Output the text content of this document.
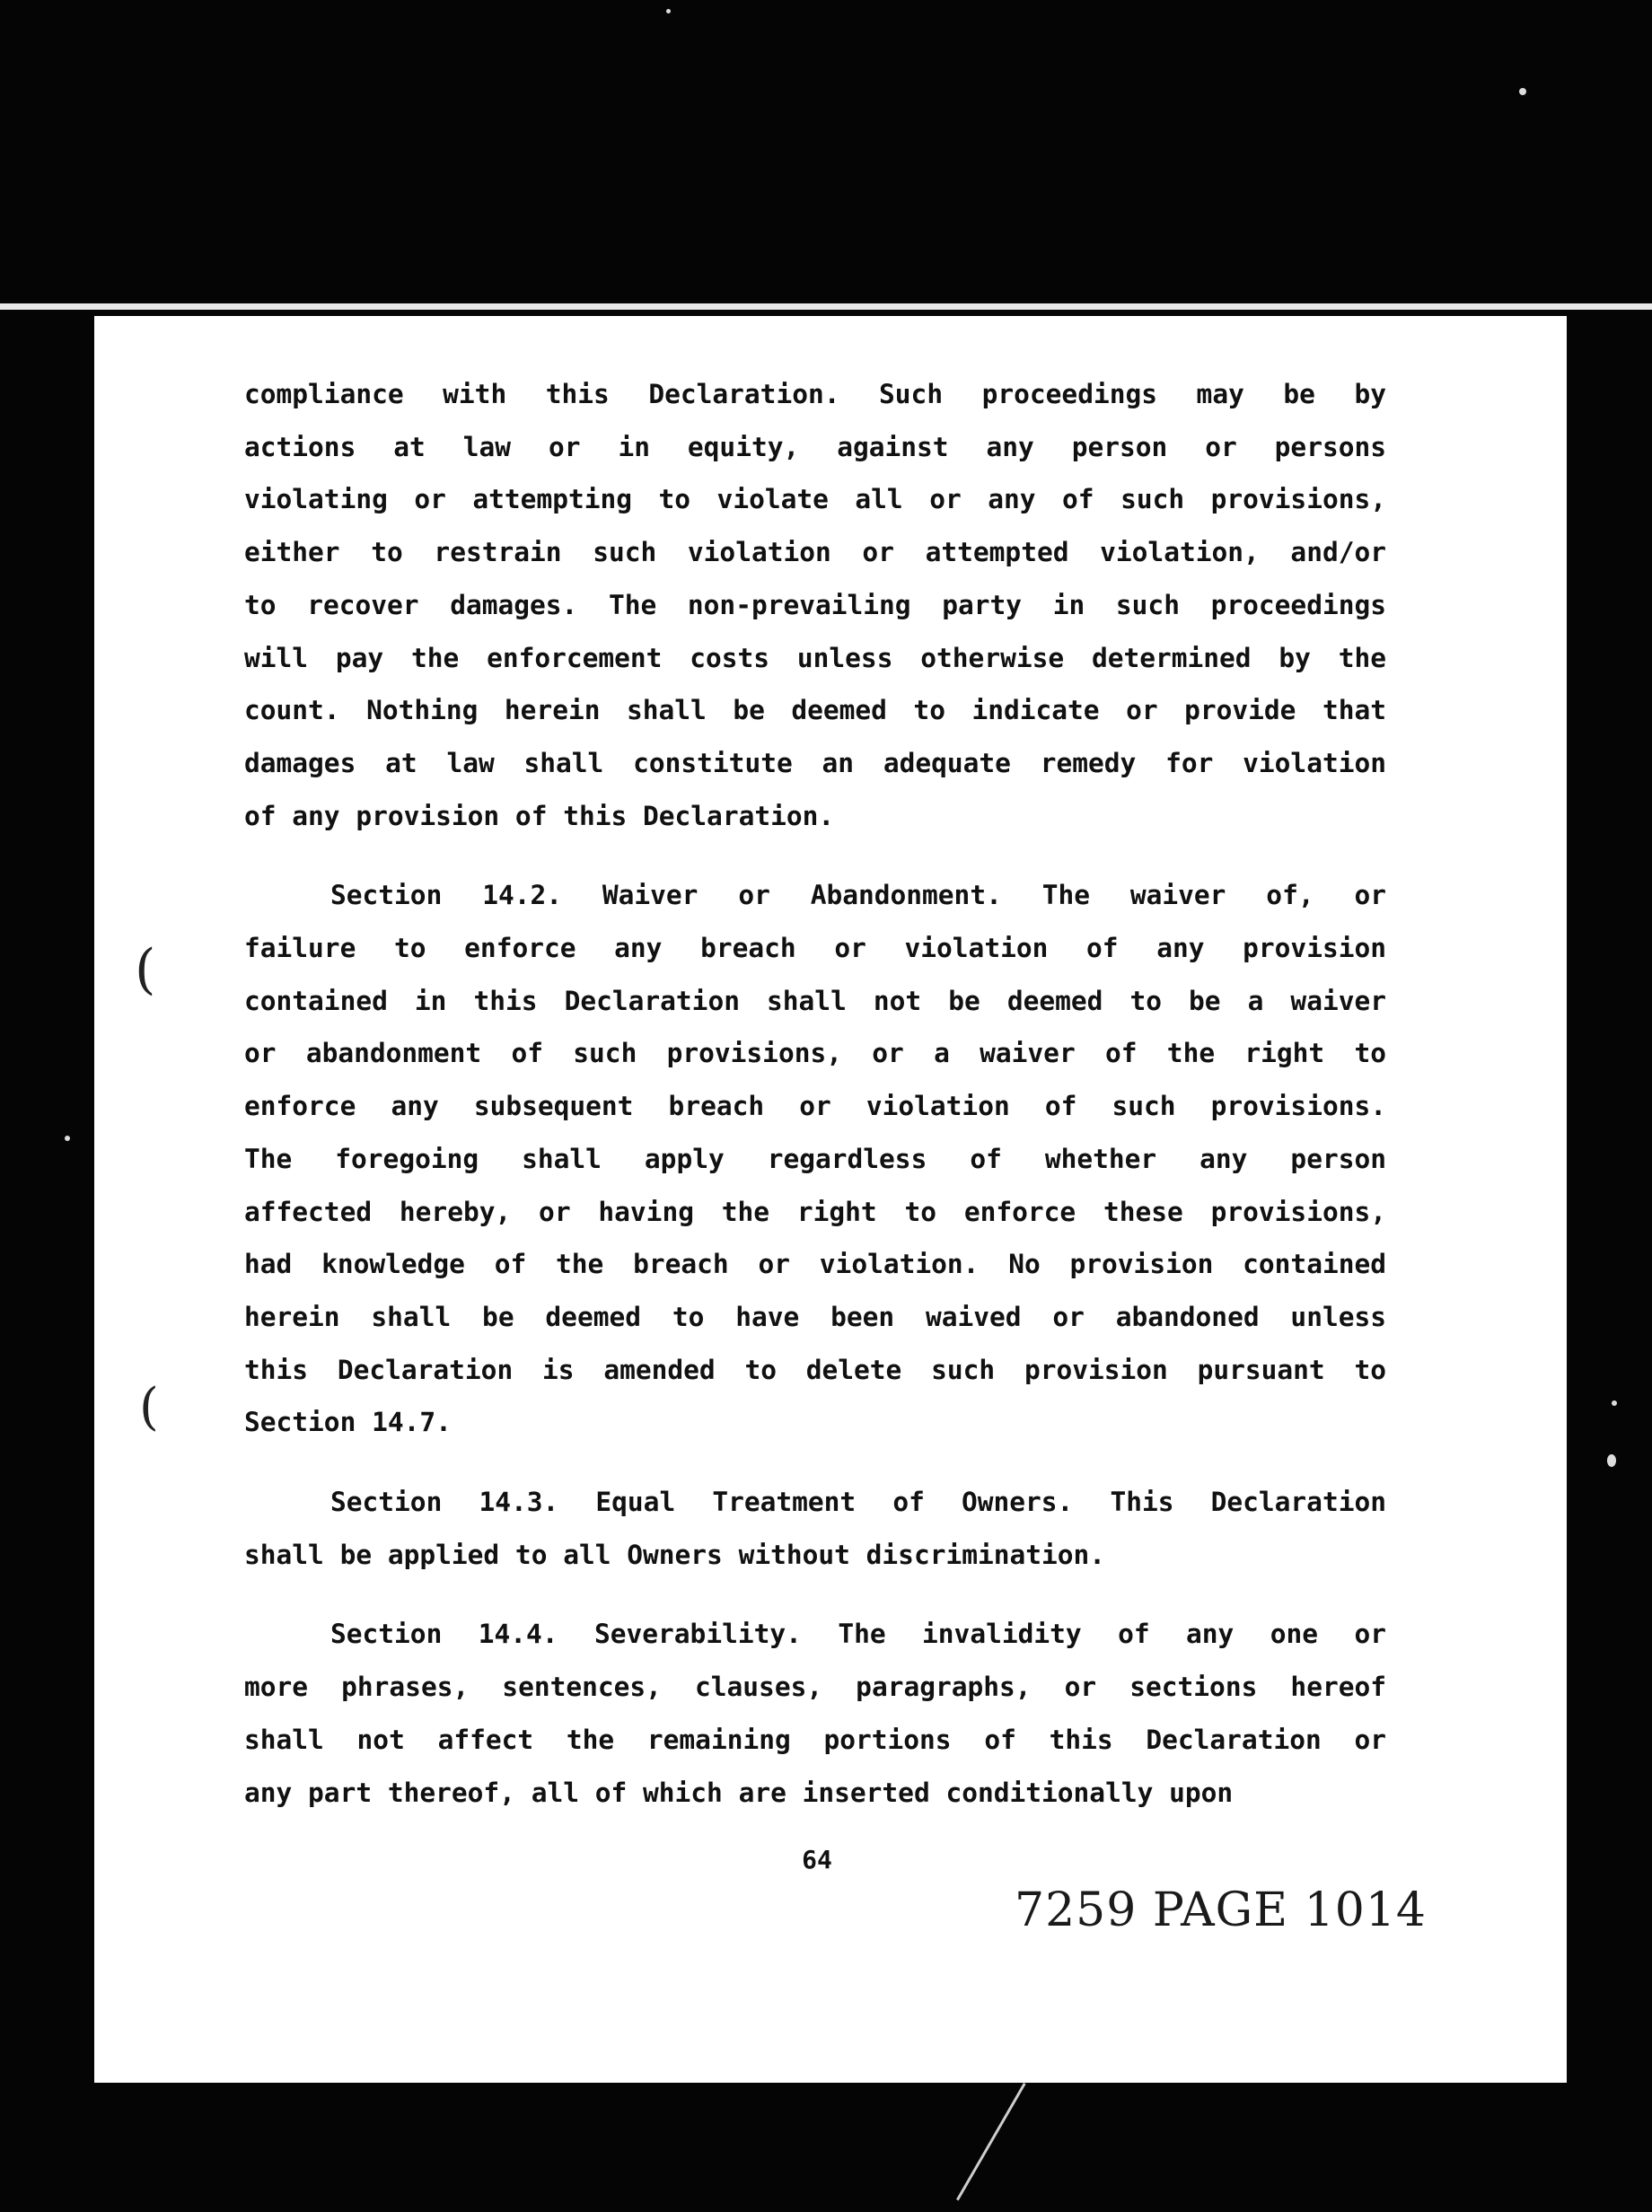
(
(
compliance with this Declaration. Such proceedings may be by
actions at law or in equity, against any person or persons
violating or attempting to violate all or any of such provisions,
either to restrain such violation or attempted violation, and/or
to recover damages. The non-prevailing party in such proceedings
will pay the enforcement costs unless otherwise determined by the
count. Nothing herein shall be deemed to indicate or provide that
damages at law shall constitute an adequate remedy for violation
of any provision of this Declaration.
Section 14.2. Waiver or Abandonment. The waiver of, or
failure to enforce any breach or violation of any provision
contained in this Declaration shall not be deemed to be a waiver
or abandonment of such provisions, or a waiver of the right to
enforce any subsequent breach or violation of such provisions.
The foregoing shall apply regardless of whether any person
affected hereby, or having the right to enforce these provisions,
had knowledge of the breach or violation. No provision contained
herein shall be deemed to have been waived or abandoned unless
this Declaration is amended to delete such provision pursuant to
Section 14.7.
Section 14.3. Equal Treatment of Owners. This Declaration
shall be applied to all Owners without discrimination.
Section 14.4. Severability. The invalidity of any one or
more phrases, sentences, clauses, paragraphs, or sections hereof
shall not affect the remaining portions of this Declaration or
any part thereof, all of which are inserted conditionally upon
64
7259 PAGE 1014
